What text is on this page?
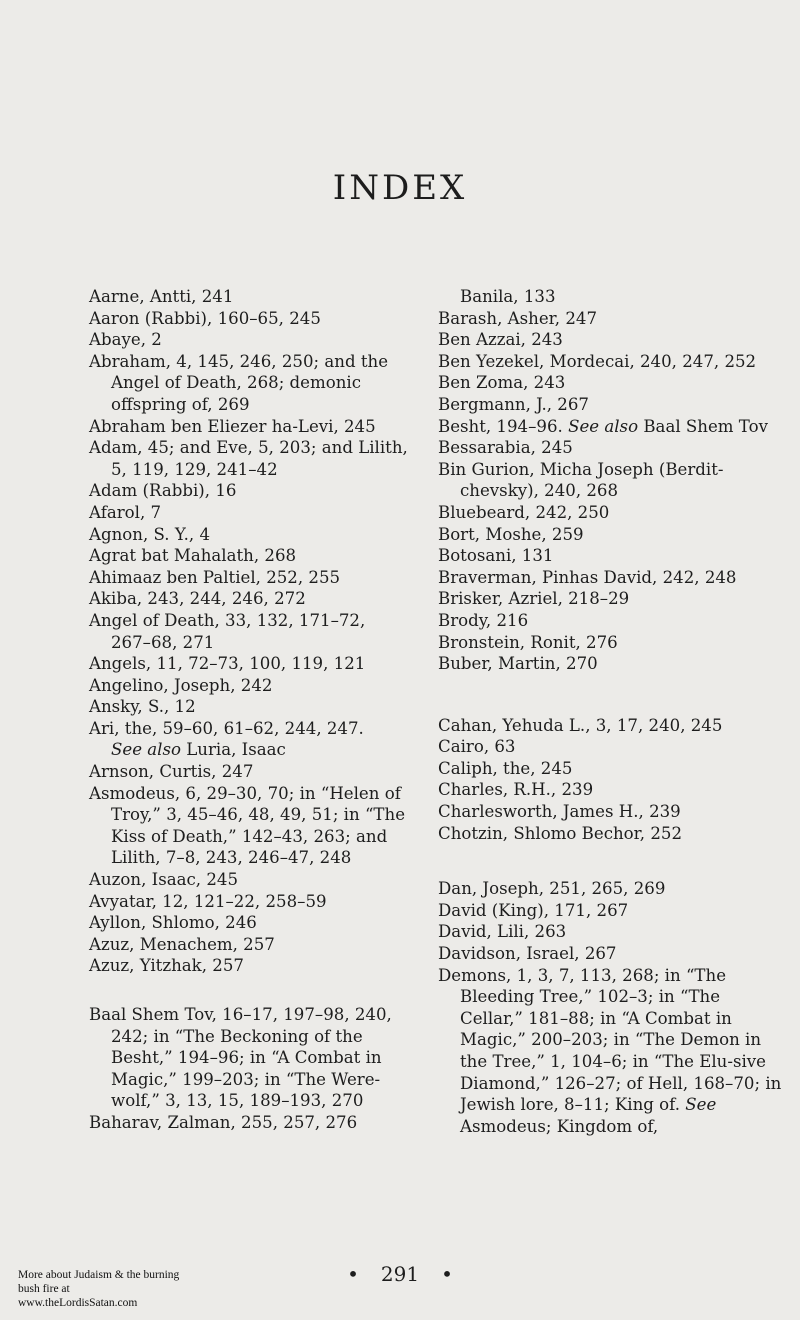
INDEX

Aarne, Antti, 241

Aaron (Rabbi), 160–65, 245

Abaye, 2

Abraham, 4, 145, 246, 250; and the Angel of Death, 268; demonic offspring of, 269

Abraham ben Eliezer ha-Levi, 245

Adam, 45; and Eve, 5, 203; and Lilith, 5, 119, 129, 241–42

Adam (Rabbi), 16

Afarol, 7

Agnon, S. Y., 4

Agrat bat Mahalath, 268

Ahimaaz ben Paltiel, 252, 255

Akiba, 243, 244, 246, 272

Angel of Death, 33, 132, 171–72, 267–68, 271

Angels, 11, 72–73, 100, 119, 121

Angelino, Joseph, 242

Ansky, S., 12

Ari, the, 59–60, 61–62, 244, 247.

See also Luria, Isaac

Arnson, Curtis, 247

Asmodeus, 6, 29–30, 70; in “Helen of Troy,” 3, 45–46, 48, 49, 51; in “The Kiss of Death,” 142–43, 263; and Lilith, 7–8, 243, 246–47, 248

Auzon, Isaac, 245

Avyatar, 12, 121–22, 258–59

Ayllon, Shlomo, 246

Azuz, Menachem, 257

Azuz, Yitzhak, 257

Baal Shem Tov, 16–17, 197–98, 240, 242; in “The Beckoning of the Besht,” 194–96; in “A Combat in Magic,” 199–203; in “The Were-wolf,” 3, 13, 15, 189–193, 270

Baharav, Zalman, 255, 257, 276

Banila, 133

Barash, Asher, 247

Ben Azzai, 243

Ben Yezekel, Mordecai, 240, 247, 252

Ben Zoma, 243

Bergmann, J., 267

Besht, 194–96. See also Baal Shem Tov

Bessarabia, 245

Bin Gurion, Micha Joseph (Berdit-chevsky), 240, 268

Bluebeard, 242, 250

Bort, Moshe, 259

Botosani, 131

Braverman, Pinhas David, 242, 248

Brisker, Azriel, 218–29

Brody, 216

Bronstein, Ronit, 276

Buber, Martin, 270

Cahan, Yehuda L., 3, 17, 240, 245

Cairo, 63

Caliph, the, 245

Charles, R.H., 239

Charlesworth, James H., 239

Chotzin, Shlomo Bechor, 252

Dan, Joseph, 251, 265, 269

David (King), 171, 267

David, Lili, 263

Davidson, Israel, 267

Demons, 1, 3, 7, 113, 268; in “The Bleeding Tree,” 102–3; in “The Cellar,” 181–88; in “A Combat in Magic,” 200–203; in “The Demon in the Tree,” 1, 104–6; in “The Elu-sive Diamond,” 126–27; of Hell, 168–70; in Jewish lore, 8–11; King of. See Asmodeus; Kingdom of,

• 291 •
More about Judaism & the burning bush fire at www.theLordisSatan.com
